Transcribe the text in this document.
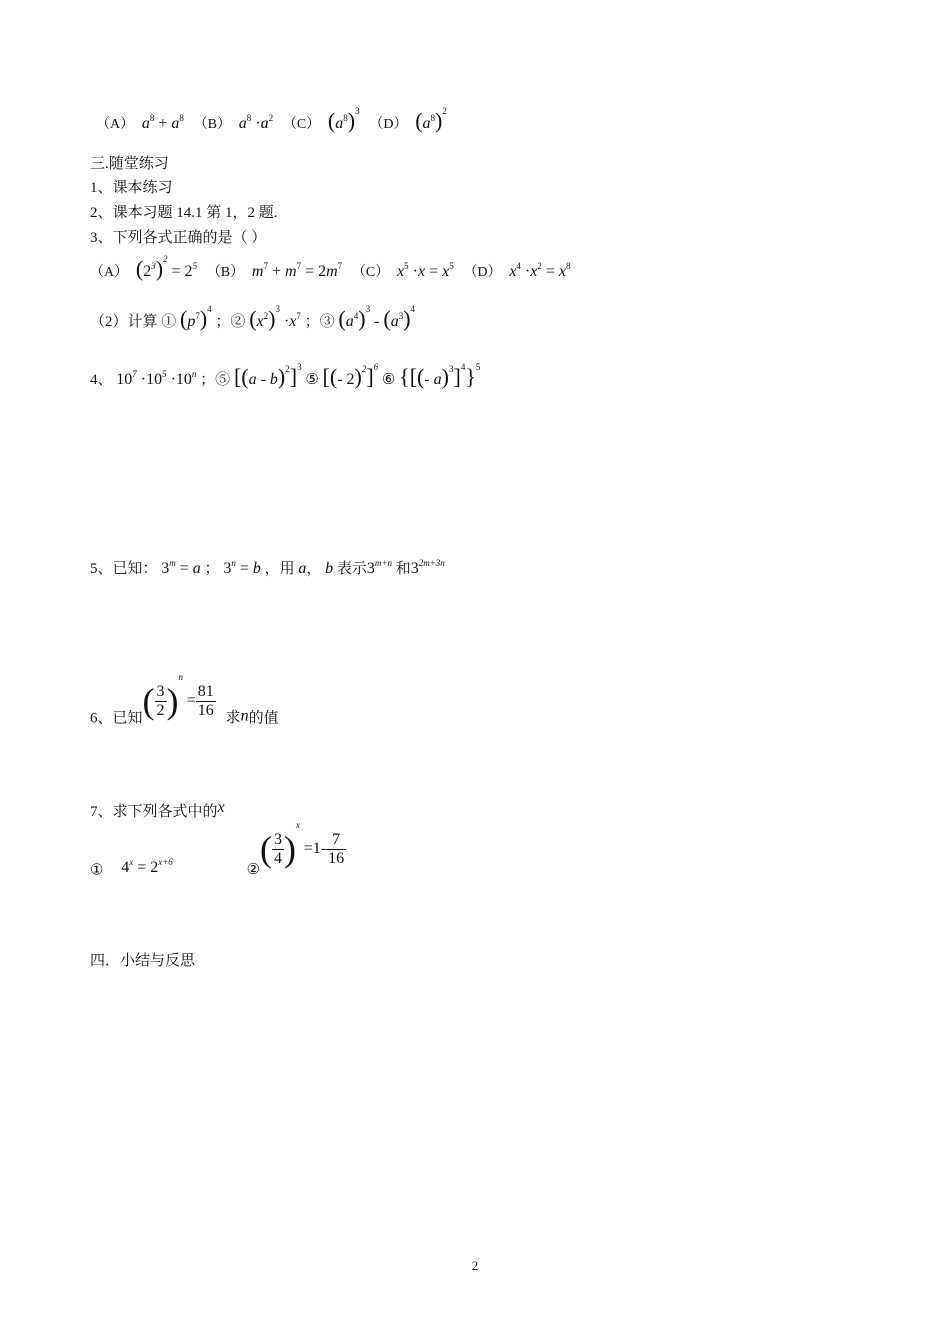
（A） $a^8 + a^8$ （B） $a^8 \cdot a^2$ （C） $(a^8)^3$ （D） $(a^8)^2$
三.随堂练习
1、课本练习
2、课本习题 14.1 第 1，2 题.
3、下列各式正确的是（ ）
（A） $(2^3)^2 = 2^5$ （B） $m^7 + m^7 = 2m^7$ （C） $x^5 \cdot x = x^5$ （D） $x^4 \cdot x^2 = x^8$
（2）计算 ① $(p^7)^4$ ；② $(x^2)^3 \cdot x^7$ ；③ $(a^4)^3 - (a^3)^4$
4、 $10^7 \cdot 10^5 \cdot 10^n$ ；⑤ [(a - b)$^2$]$^3$ ⑤ [(- 2)$^2$]$^6$ ⑥ {[(- a)$^3$]$^4$}$^5$
5、已知： $3^m = a$ ； $3^n = b$ ，用 a， b 表示$3^{m+n}$ 和$3^{2m+3n}$
6、已知( $\frac{3}{2} )^n = \frac{81}{16}$ 求n的值
7、求下列各式中的x
① $4^x = 2^{x+6}$	②( $\frac{3}{4} )^x =1- \frac{7}{16}$
四．小结与反思
2
